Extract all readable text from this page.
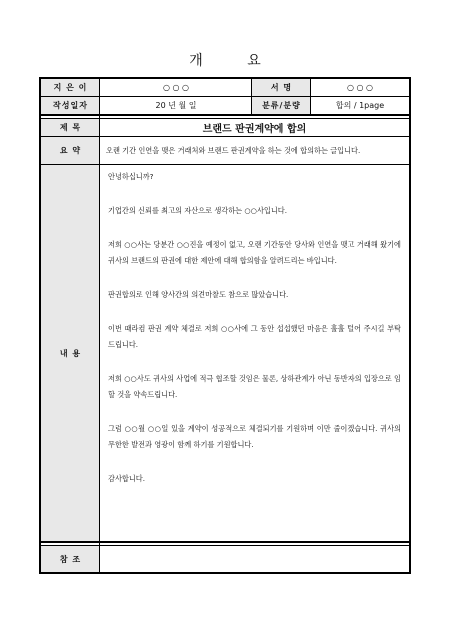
개 요
지 은 이	○ ○ ○	서 명	○ ○ ○
작성일자	20 년 월 일	분류/분량	합의 / 1page
제 목	브랜드 판권계약에 합의
요 약	오랜 기간 인연을 맺은 거래처와 브랜드 판권계약을 하는 것에 합의하는 글입니다.
내 용

안녕하십니까?

기업간의 신뢰를 최고의 자산으로 생각하는 ○○사입니다.

저희 ○○사는 당분간 ○○진을 예정이 없고, 오랜 기간동안 당사와 인연을 맺고 거래해 왔기에 귀사의 브랜드의 판권에 대한 제안에 대해 합의함을 알려드리는 바입니다.

판권합의로 인해 양사간의 의견마찰도 참으로 많았습니다.

이번 때라컴 판권 계약 체결로 저희 ○○사에 그 동안 섭섭했던 마음은 훌훌 털어 주시길 부탁드립니다.

저희 ○○사도 귀사의 사업에 적극 협조할 것임은 물론, 상하관계가 아닌 동반자의 입장으로 임할 것을 약속드립니다.

그럼 ○○월 ○○일 있을 계약이 성공적으로 체결되기를 기원하며 이만 줄이겠습니다. 귀사의 무한한 발전과 영광이 함께 하기를 기원합니다.

감사합니다.

참 조
